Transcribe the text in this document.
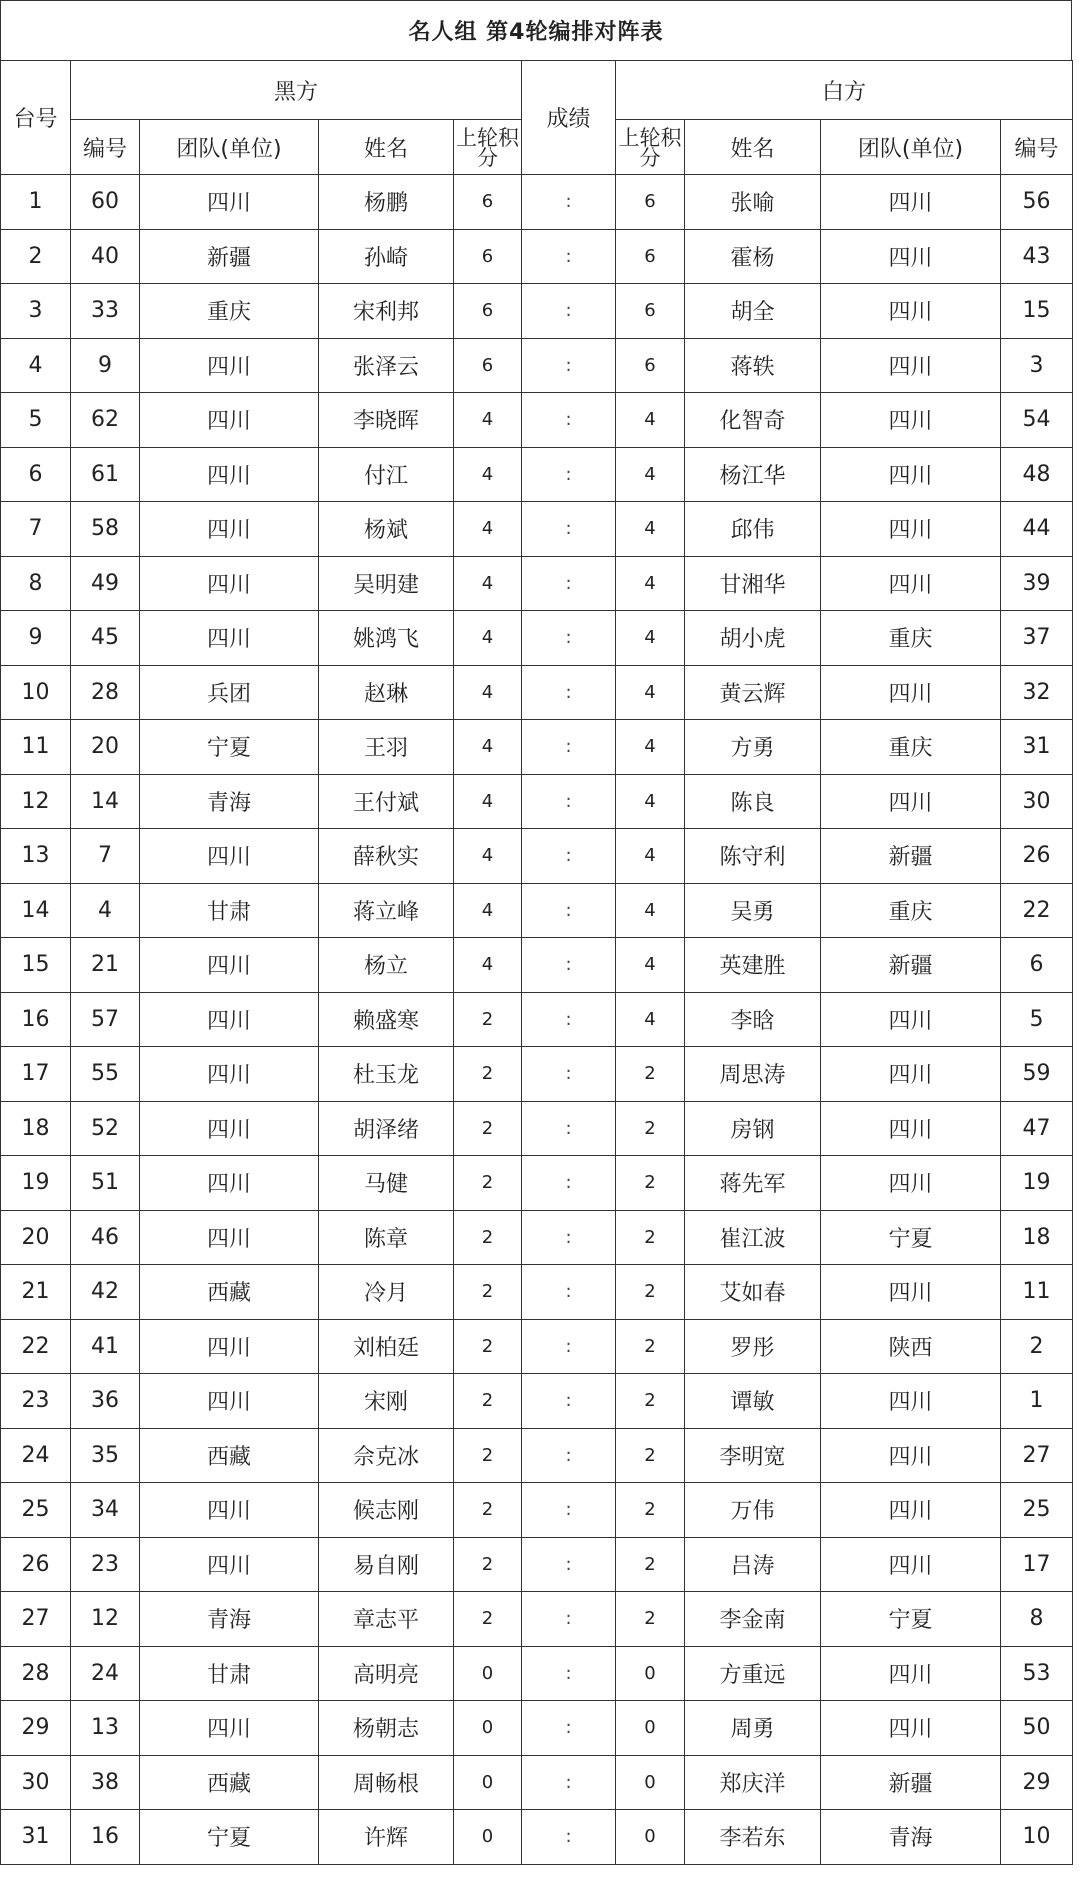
名人组 第4轮编排对阵表
台号	黑方				成绩	白方			
	编号	团队(单位)	姓名	上轮积分		上轮积分	姓名	团队(单位)	编号
1	60	四川	杨鹏	6	:	6	张喻	四川	56
2	40	新疆	孙崎	6	:	6	霍杨	四川	43
3	33	重庆	宋利邦	6	:	6	胡全	四川	15
4	9	四川	张泽云	6	:	6	蒋轶	四川	3
5	62	四川	李晓晖	4	:	4	化智奇	四川	54
6	61	四川	付江	4	:	4	杨江华	四川	48
7	58	四川	杨斌	4	:	4	邱伟	四川	44
8	49	四川	吴明建	4	:	4	甘湘华	四川	39
9	45	四川	姚鸿飞	4	:	4	胡小虎	重庆	37
10	28	兵团	赵琳	4	:	4	黄云辉	四川	32
11	20	宁夏	王羽	4	:	4	方勇	重庆	31
12	14	青海	王付斌	4	:	4	陈良	四川	30
13	7	四川	薛秋实	4	:	4	陈守利	新疆	26
14	4	甘肃	蒋立峰	4	:	4	吴勇	重庆	22
15	21	四川	杨立	4	:	4	英建胜	新疆	6
16	57	四川	赖盛寒	2	:	4	李晗	四川	5
17	55	四川	杜玉龙	2	:	2	周思涛	四川	59
18	52	四川	胡泽绪	2	:	2	房钢	四川	47
19	51	四川	马健	2	:	2	蒋先军	四川	19
20	46	四川	陈章	2	:	2	崔江波	宁夏	18
21	42	西藏	冷月	2	:	2	艾如春	四川	11
22	41	四川	刘柏廷	2	:	2	罗彤	陕西	2
23	36	四川	宋刚	2	:	2	谭敏	四川	1
24	35	西藏	佘克冰	2	:	2	李明宽	四川	27
25	34	四川	候志刚	2	:	2	万伟	四川	25
26	23	四川	易自刚	2	:	2	吕涛	四川	17
27	12	青海	章志平	2	:	2	李金南	宁夏	8
28	24	甘肃	高明亮	0	:	0	方重远	四川	53
29	13	四川	杨朝志	0	:	0	周勇	四川	50
30	38	西藏	周畅根	0	:	0	郑庆洋	新疆	29
31	16	宁夏	许辉	0	:	0	李若东	青海	10
